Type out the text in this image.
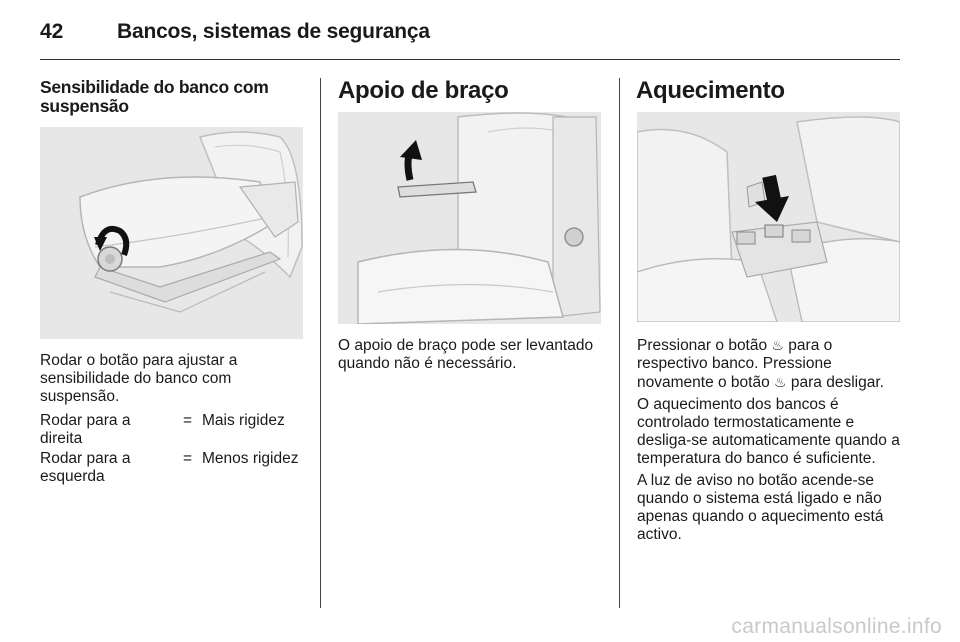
42	Bancos, sistemas de segurança
Sensibilidade do banco com suspensão

Rodar o botão para ajustar a sensibilidade do banco com suspensão.

Rodar para a direita
= Mais rigidez
Rodar para a esquerda
= Menos rigidez
Apoio de braço

O apoio de braço pode ser levantado quando não é necessário.

Aquecimento

Pressionar o botão ♨ para o respectivo banco. Pressione novamente o botão ♨ para desligar.

O aquecimento dos bancos é controlado termostaticamente e desliga-se automaticamente quando a temperatura do banco é suficiente.

A luz de aviso no botão acende-se quando o sistema está ligado e não apenas quando o aquecimento está activo.

carmanualsonline.info
